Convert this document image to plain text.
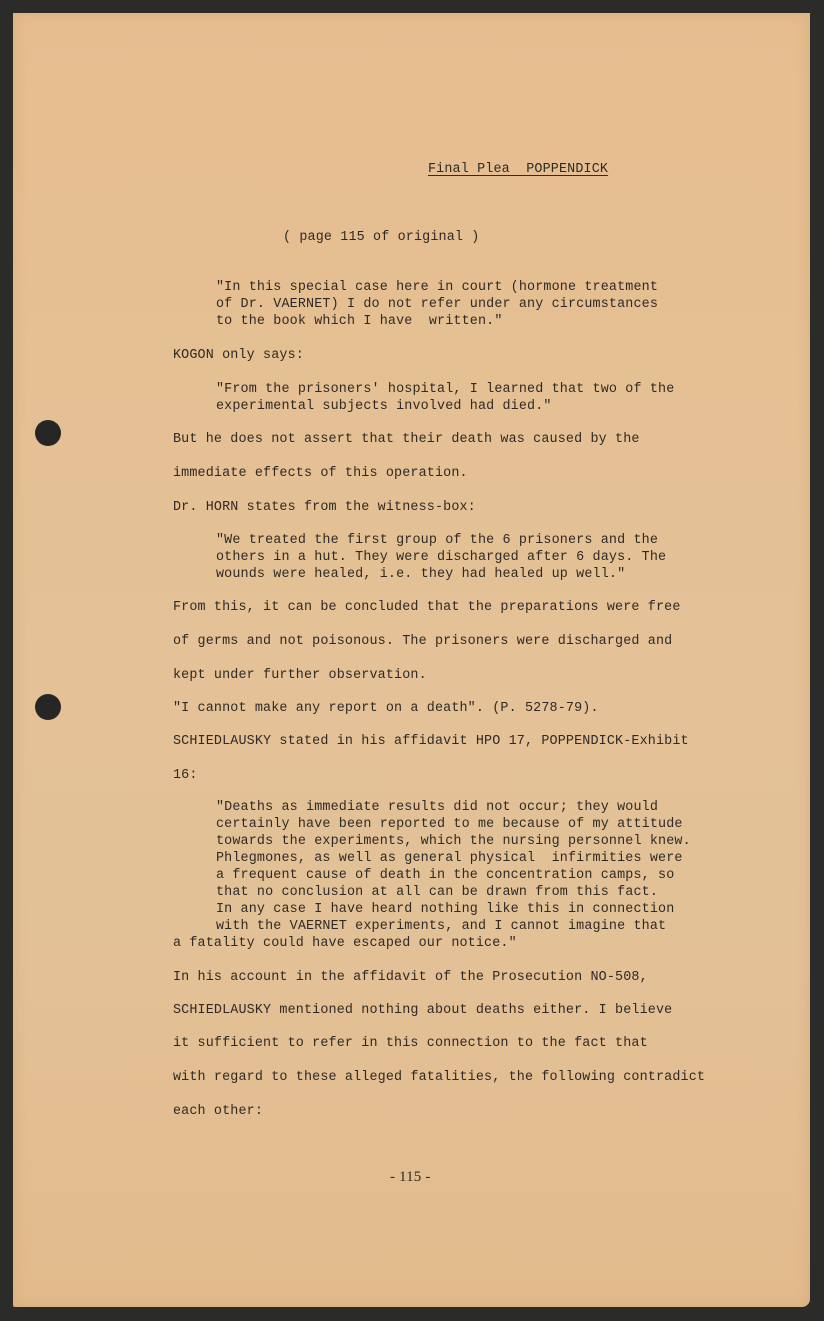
Final Plea  POPPENDICK
( page 115 of original )
"In this special case here in court (hormone treatment
of Dr. VAERNET) I do not refer under any circumstances
to the book which I have  written."
KOGON only says:
"From the prisoners' hospital, I learned that two of the
experimental subjects involved had died."
But he does not assert that their death was caused by the
immediate effects of this operation.
Dr. HORN states from the witness-box:
"We treated the first group of the 6 prisoners and the
others in a hut. They were discharged after 6 days. The
wounds were healed, i.e. they had healed up well."
From this, it can be concluded that the preparations were free
of germs and not poisonous. The prisoners were discharged and
kept under further observation.
"I cannot make any report on a death". (P. 5278-79).
SCHIEDLAUSKY stated in his affidavit HPO 17, POPPENDICK-Exhibit
16:
"Deaths as immediate results did not occur; they would
certainly have been reported to me because of my attitude
towards the experiments, which the nursing personnel knew.
Phlegmones, as well as general physical  infirmities were
a frequent cause of death in the concentration camps, so
that no conclusion at all can be drawn from this fact.
In any case I have heard nothing like this in connection
with the VAERNET experiments, and I cannot imagine that
a fatality could have escaped our notice."
In his account in the affidavit of the Prosecution NO-508,
SCHIEDLAUSKY mentioned nothing about deaths either. I believe
it sufficient to refer in this connection to the fact that
with regard to these alleged fatalities, the following contradict
each other:
- 115 -
